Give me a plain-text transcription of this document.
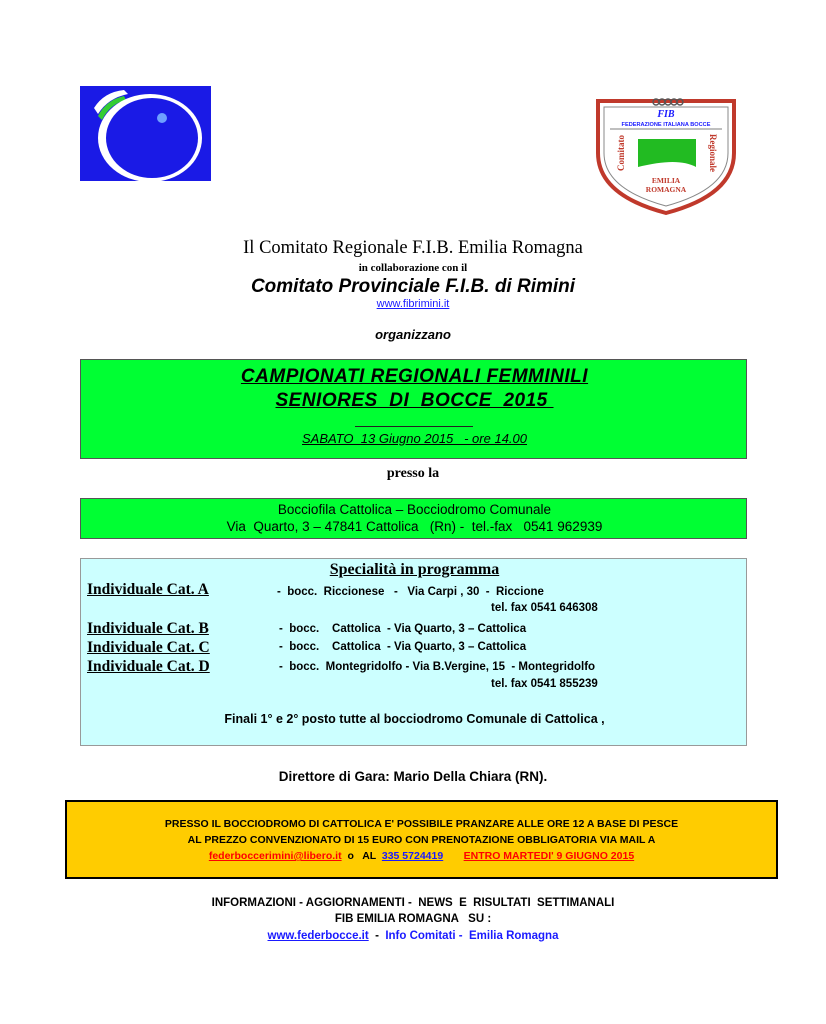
FIB
FEDERAZIONE ITALIANA BOCCE
Comitato	Regionale
EMILIA
ROMAGNA
Il Comitato Regionale F.I.B. Emilia Romagna
in collaborazione con il
Comitato Provinciale F.I.B. di Rimini
www.fibrimini.it
organizzano
CAMPIONATI REGIONALI FEMMINILI
SENIORES  DI  BOCCE  2015
SABATO  13 Giugno 2015   - ore 14.00
presso la
Bocciofila Cattolica – Bocciodromo Comunale
Via  Quarto, 3 – 47841 Cattolica   (Rn) -  tel.-fax   0541 962939
Specialità in programma
Individuale Cat. A	-  bocc.  Riccionese   -   Via Carpi , 30  -  Riccione
tel. fax 0541 646308
Individuale Cat. B	-  bocc.    Cattolica  - Via Quarto, 3 – Cattolica
Individuale Cat. C	-  bocc.    Cattolica  - Via Quarto, 3 – Cattolica
Individuale Cat. D	-  bocc.  Montegridolfo - Via B.Vergine, 15  - Montegridolfo
tel. fax 0541 855239
Finali 1° e 2° posto tutte al bocciodromo Comunale di Cattolica ,
Direttore di Gara: Mario Della Chiara (RN).
PRESSO IL BOCCIODROMO DI CATTOLICA E' POSSIBILE PRANZARE ALLE ORE 12 A BASE DI PESCE
AL PREZZO CONVENZIONATO DI 15 EURO CON PRENOTAZIONE OBBLIGATORIA VIA MAIL A
federboccerimini@libero.it  o   AL  335 5724419 ENTRO MARTEDI' 9 GIUGNO 2015
INFORMAZIONI - AGGIORNAMENTI -  NEWS  E  RISULTATI  SETTIMANALI
FIB EMILIA ROMAGNA   SU :
www.federbocce.it  -  Info Comitati -  Emilia Romagna
